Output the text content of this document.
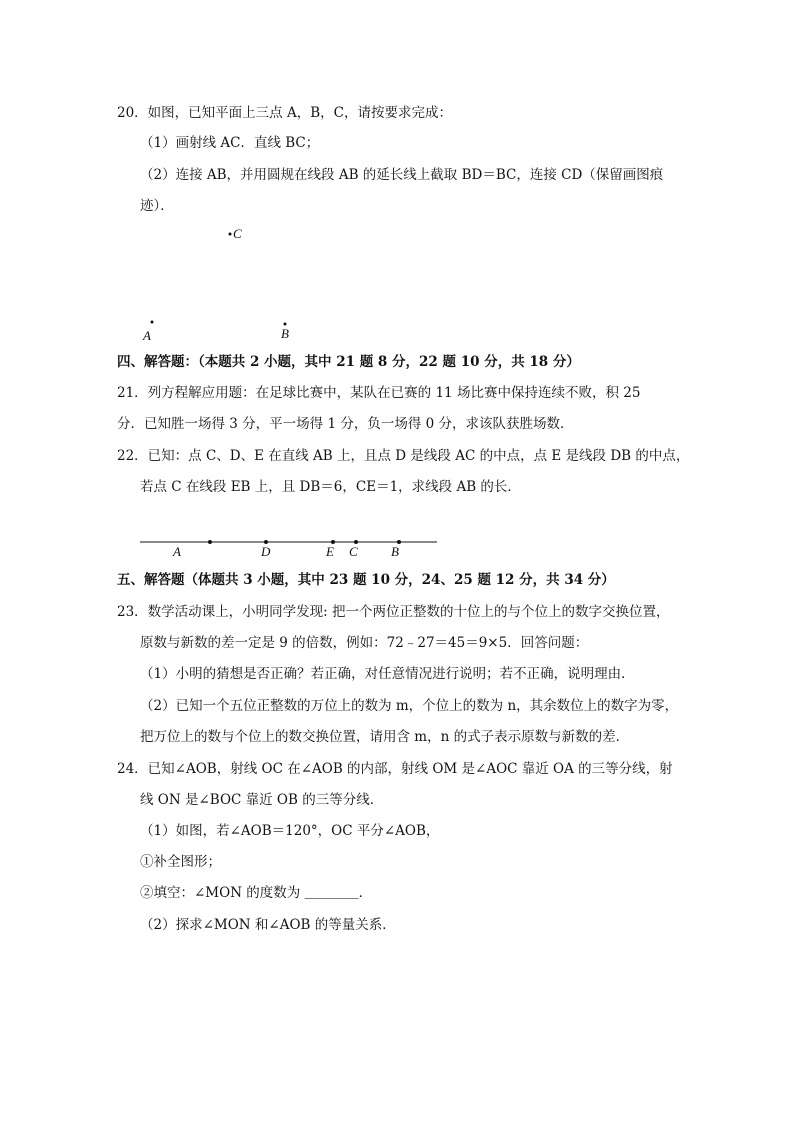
20．如图，已知平面上三点 A，B，C，请按要求完成：
（1）画射线 AC．直线 BC；
（2）连接 AB，并用圆规在线段 AB 的延长线上截取 BD＝BC，连接 CD（保留画图痕
迹）．
C
A	B
四、解答题：（本题共 2 小题，其中 21 题 8 分，22 题 10 分，共 18 分）
21．列方程解应用题：在足球比赛中，某队在已赛的 11 场比赛中保持连续不败，积 25
分．已知胜一场得 3 分，平一场得 1 分，负一场得 0 分，求该队获胜场数．
22．已知：点 C、D、E 在直线 AB 上，且点 D 是线段 AC 的中点，点 E 是线段 DB 的中点，
若点 C 在线段 EB 上，且 DB＝6，CE＝1，求线段 AB 的长．
A	D	E C	B
五、解答题（体题共 3 小题，其中 23 题 10 分，24、25 题 12 分，共 34 分）
23．数学活动课上，小明同学发现: 把一个两位正整数的十位上的与个位上的数字交换位置，
原数与新数的差一定是 9 的倍数，例如：72﹣27＝45＝9×5．回答问题：
（1）小明的猜想是否正确？若正确，对任意情况进行说明；若不正确，说明理由．
（2）已知一个五位正整数的万位上的数为 m，个位上的数为 n，其余数位上的数字为零，
把万位上的数与个位上的数交换位置，请用含 m，n 的式子表示原数与新数的差．
24．已知∠AOB，射线 OC 在∠AOB 的内部，射线 OM 是∠AOC 靠近 OA 的三等分线，射
线 ON 是∠BOC 靠近 OB 的三等分线．
（1）如图，若∠AOB＝120°，OC 平分∠AOB，
①补全图形；
②填空：∠MON 的度数为 ＿＿＿＿．
（2）探求∠MON 和∠AOB 的等量关系．
